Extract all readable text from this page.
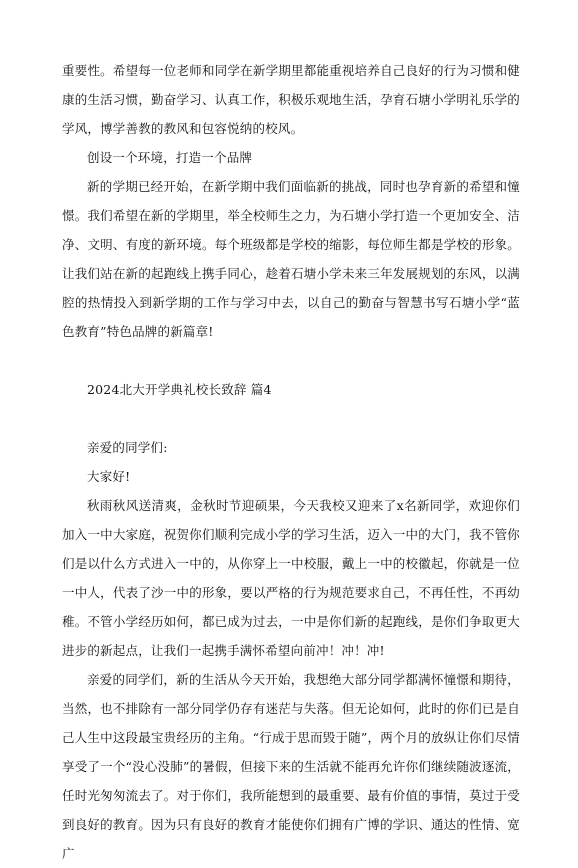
重要性。希望每一位老师和同学在新学期里都能重视培养自己良好的行为习惯和健康的生活习惯，勤奋学习、认真工作，积极乐观地生活，孕育石塘小学明礼乐学的学风，博学善教的教风和包容悦纳的校风。

创设一个环境，打造一个品牌

新的学期已经开始，在新学期中我们面临新的挑战，同时也孕育新的希望和憧憬。我们希望在新的学期里，举全校师生之力，为石塘小学打造一个更加安全、洁净、文明、有度的新环境。每个班级都是学校的缩影，每位师生都是学校的形象。让我们站在新的起跑线上携手同心，趁着石塘小学未来三年发展规划的东风，以满腔的热情投入到新学期的工作与学习中去，以自己的勤奋与智慧书写石塘小学“蓝色教育”特色品牌的新篇章!

2024北大开学典礼校长致辞 篇4

亲爱的同学们:

大家好!

秋雨秋风送清爽，金秋时节迎硕果，今天我校又迎来了x名新同学，欢迎你们加入一中大家庭，祝贺你们顺利完成小学的学习生活，迈入一中的大门，我不管你们是以什么方式进入一中的，从你穿上一中校服，戴上一中的校徽起，你就是一位一中人，代表了沙一中的形象，要以严格的行为规范要求自己，不再任性，不再幼稚。不管小学经历如何，都已成为过去，一中是你们新的起跑线，是你们争取更大进步的新起点，让我们一起携手满怀希望向前冲！冲！冲!

亲爱的同学们，新的生活从今天开始，我想绝大部分同学都满怀憧憬和期待，当然，也不排除有一部分同学仍存有迷茫与失落。但无论如何，此时的你们已是自己人生中这段最宝贵经历的主角。“行成于思而毁于随”，两个月的放纵让你们尽情享受了一个“没心没肺”的暑假，但接下来的生活就不能再允许你们继续随波逐流，任时光匆匆流去了。对于你们，我所能想到的最重要、最有价值的事情，莫过于受到良好的教育。因为只有良好的教育才能使你们拥有广博的学识、通达的性情、宽广
